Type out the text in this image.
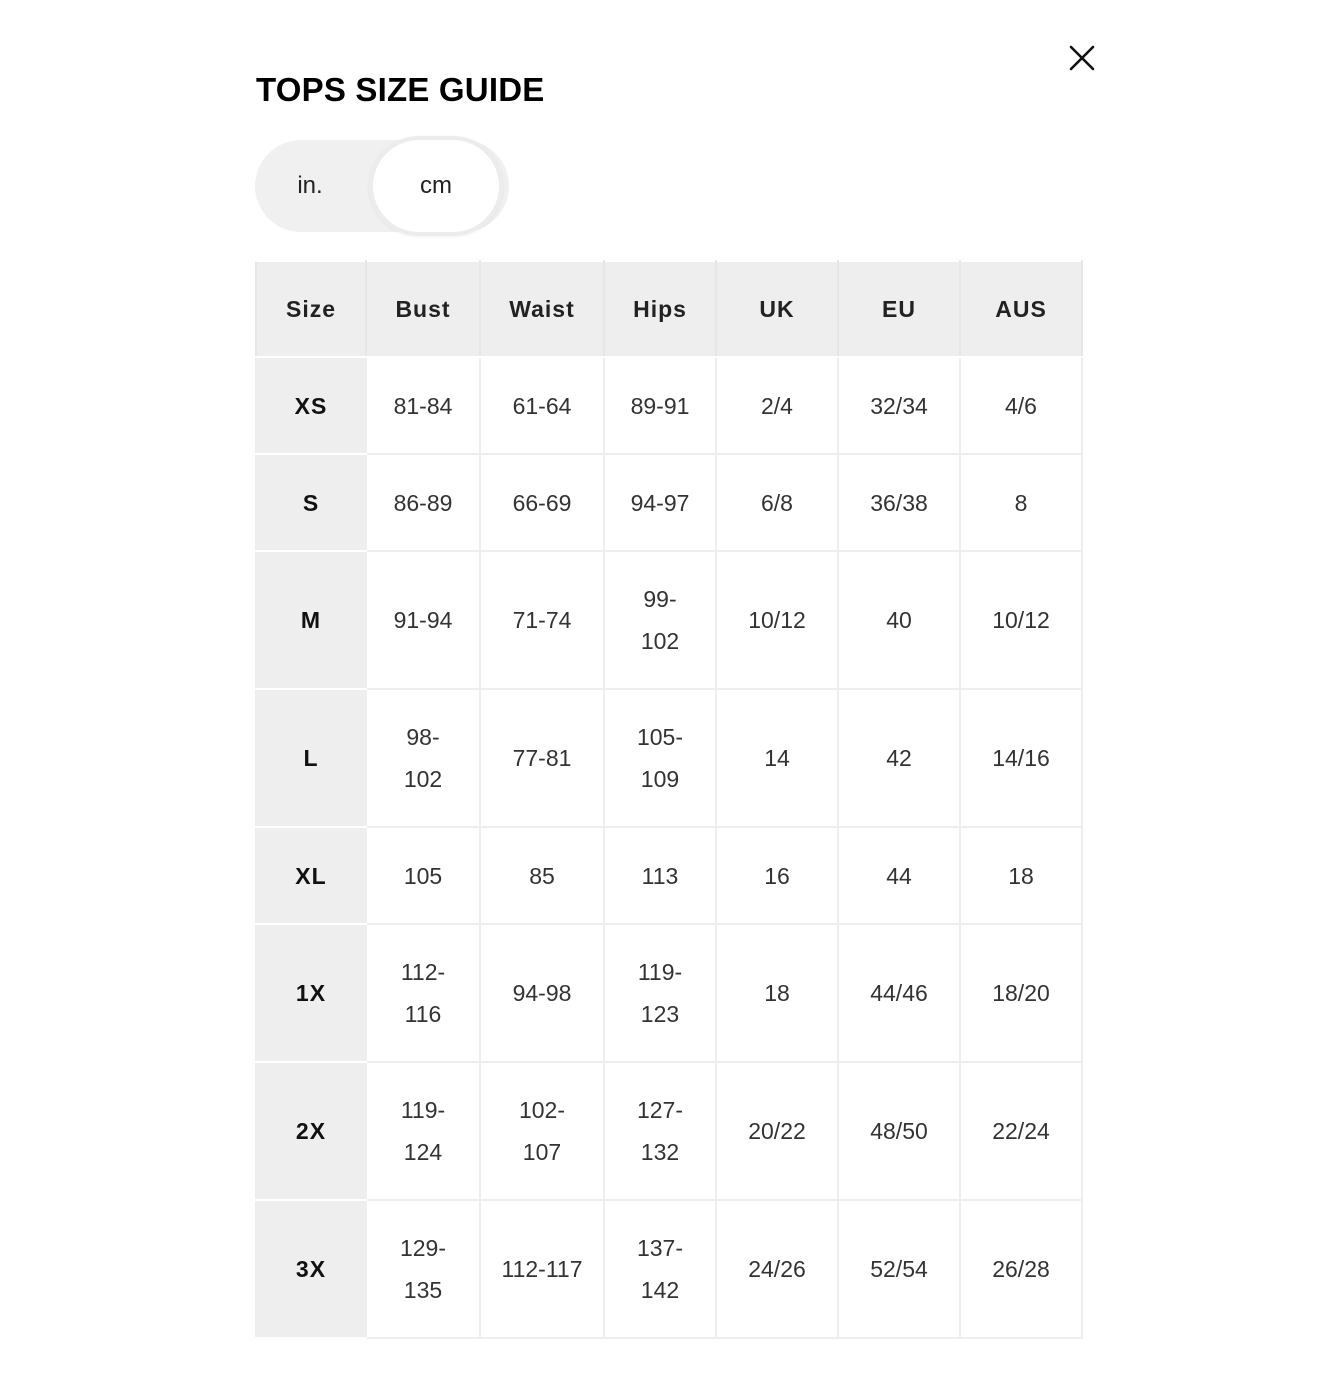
TOPS SIZE GUIDE
in.	cm
Size	Bust	Waist	Hips	UK	EU	AUS
XS	81-84	61-64	89-91	2/4	32/34	4/6
S	86-89	66-69	94-97	6/8	36/38	8
M	91-94	71-74	99-
102	10/12	40	10/12
L	98-
102	77-81	105-
109	14	42	14/16
XL	105	85	113	16	44	18
1X	112-
116	94-98	119-
123	18	44/46	18/20
2X	119-
124	102-
107	127-
132	20/22	48/50	22/24
3X	129-
135	112-117	137-
142	24/26	52/54	26/28
